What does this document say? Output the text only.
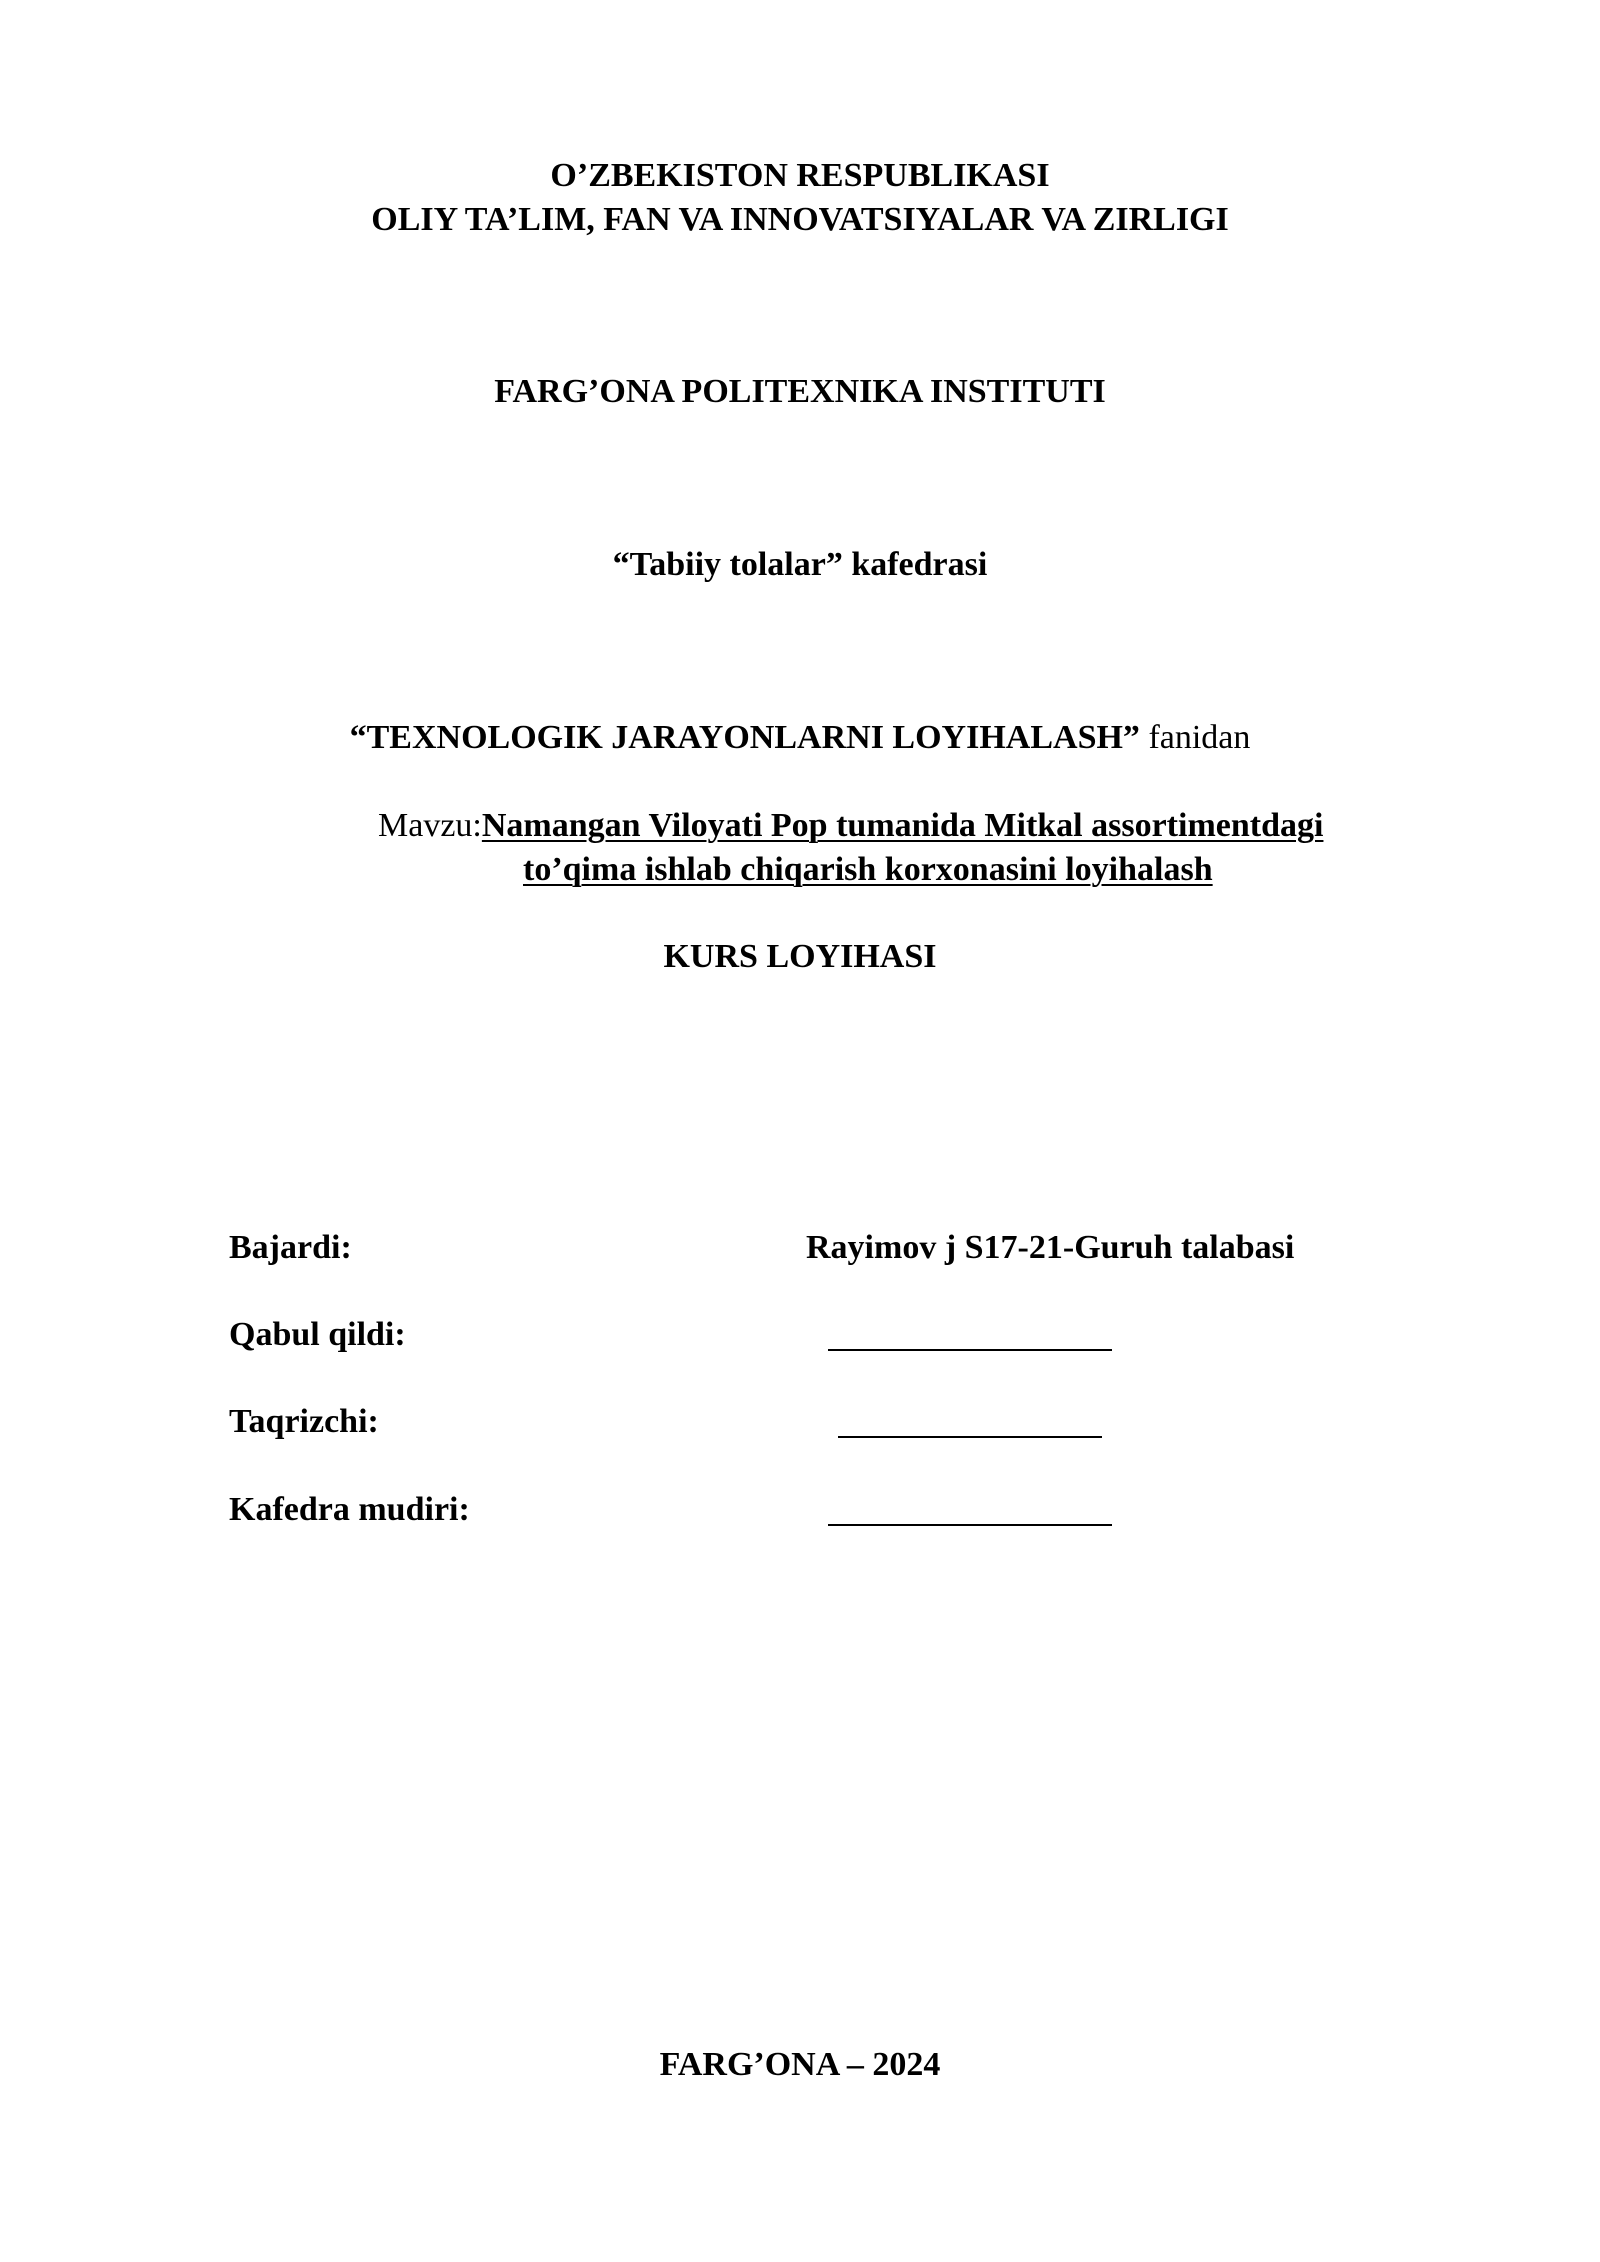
O’ZBEKISTON RESPUBLIKASI
OLIY TA’LIM, FAN VA INNOVATSIYALAR VA ZIRLIGI
FARG’ONA POLITEXNIKA INSTITUTI
“Tabiiy tolalar” kafedrasi
“TEXNOLOGIK JARAYONLARNI LOYIHALASH” fanidan
Mavzu:Namangan Viloyati Pop tumanida Mitkal assortimentdagi
to’qima ishlab chiqarish korxonasini loyihalash
KURS LOYIHASI
Bajardi:	Rayimov j S17-21-Guruh talabasi
Qabul qildi:
Taqrizchi:
Kafedra mudiri:
FARG’ONA – 2024
